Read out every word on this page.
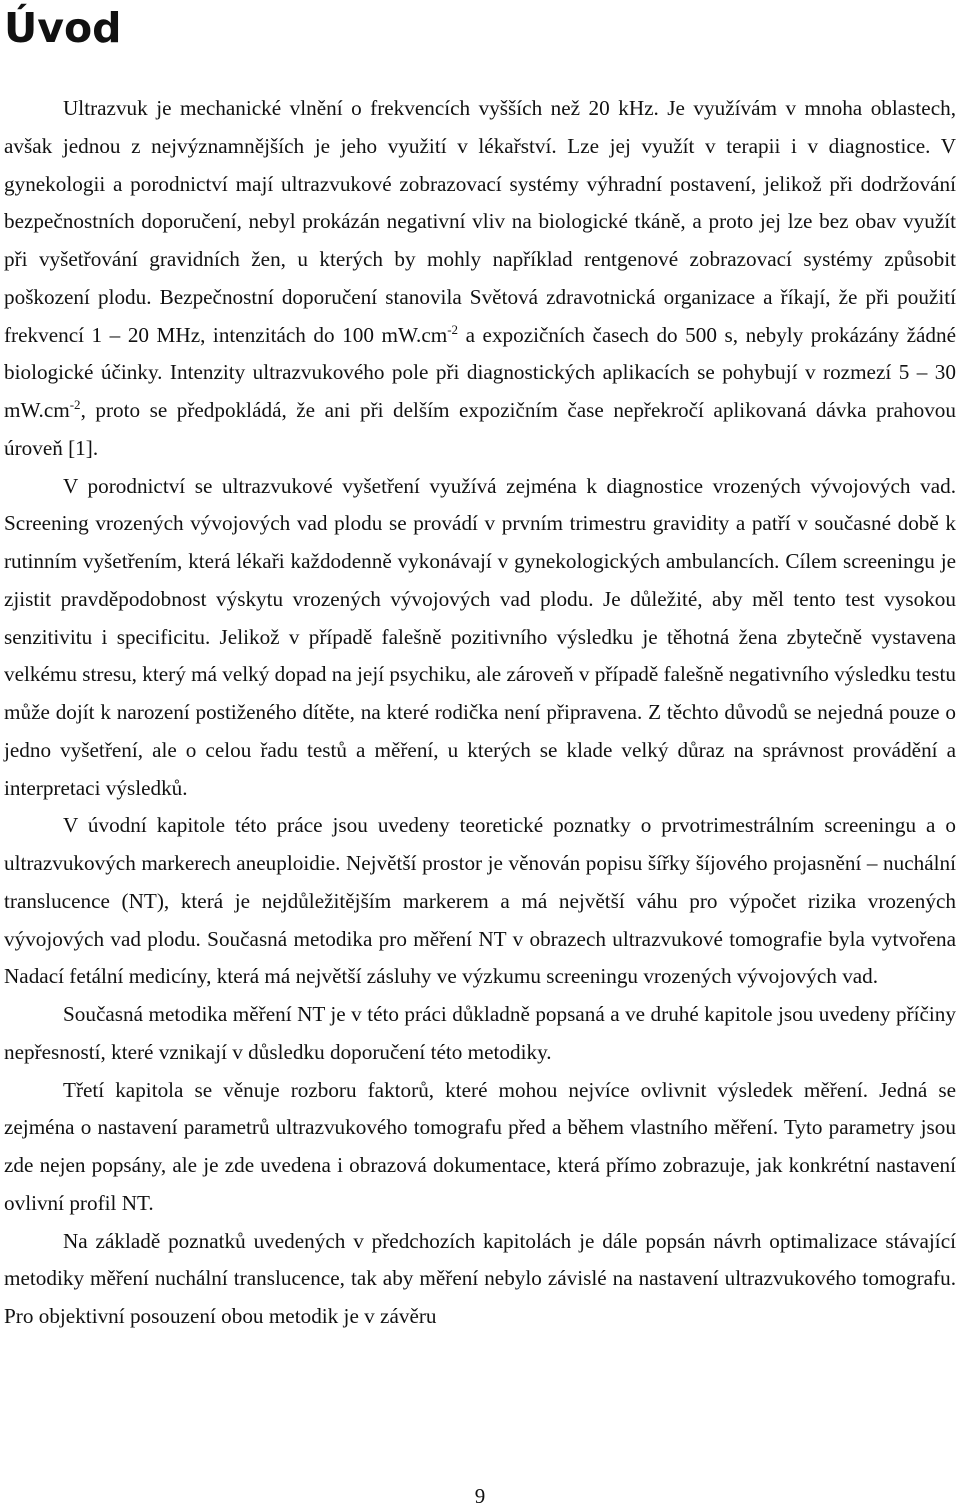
Úvod

Ultrazvuk je mechanické vlnění o frekvencích vyšších než 20 kHz. Je využívám v mnoha oblastech, avšak jednou z nejvýznamnějších je jeho využití v lékařství. Lze jej využít v terapii i v diagnostice. V gynekologii a porodnictví mají ultrazvukové zobrazovací systémy výhradní postavení, jelikož při dodržování bezpečnostních doporučení, nebyl prokázán negativní vliv na biologické tkáně, a proto jej lze bez obav využít při vyšetřování gravidních žen, u kterých by mohly například rentgenové zobrazovací systémy způsobit poškození plodu. Bezpečnostní doporučení stanovila Světová zdravotnická organizace a říkají, že při použití frekvencí 1 – 20 MHz, intenzitách do 100 $mW.cm^{-2}$ a expozičních časech do 500 s, nebyly prokázány žádné biologické účinky. Intenzity ultrazvukového pole při diagnostických aplikacích se pohybují v rozmezí 5 – 30 $mW.cm^{-2}$, proto se předpokládá, že ani při delším expozičním čase nepřekročí aplikovaná dávka prahovou úroveň [1].

V porodnictví se ultrazvukové vyšetření využívá zejména k diagnostice vrozených vývojových vad. Screening vrozených vývojových vad plodu se provádí v prvním trimestru gravidity a patří v současné době k rutinním vyšetřením, která lékaři každodenně vykonávají v gynekologických ambulancích. Cílem screeningu je zjistit pravděpodobnost výskytu vrozených vývojových vad plodu. Je důležité, aby měl tento test vysokou senzitivitu i specificitu. Jelikož v případě falešně pozitivního výsledku je těhotná žena zbytečně vystavena velkému stresu, který má velký dopad na její psychiku, ale zároveň v případě falešně negativního výsledku testu může dojít k narození postiženého dítěte, na které rodička není připravena. Z těchto důvodů se nejedná pouze o jedno vyšetření, ale o celou řadu testů a měření, u kterých se klade velký důraz na správnost provádění a interpretaci výsledků.

V úvodní kapitole této práce jsou uvedeny teoretické poznatky o prvotrimestrálním screeningu a o ultrazvukových markerech aneuploidie. Největší prostor je věnován popisu šířky šíjového projasnění – nuchální translucence (NT), která je nejdůležitějším markerem a má největší váhu pro výpočet rizika vrozených vývojových vad plodu. Současná metodika pro měření NT v obrazech ultrazvukové tomografie byla vytvořena Nadací fetální medicíny, která má největší zásluhy ve výzkumu screeningu vrozených vývojových vad.

Současná metodika měření NT je v této práci důkladně popsaná a ve druhé kapitole jsou uvedeny příčiny nepřesností, které vznikají v důsledku doporučení této metodiky.

Třetí kapitola se věnuje rozboru faktorů, které mohou nejvíce ovlivnit výsledek měření. Jedná se zejména o nastavení parametrů ultrazvukového tomografu před a během vlastního měření. Tyto parametry jsou zde nejen popsány, ale je zde uvedena i obrazová dokumentace, která přímo zobrazuje, jak konkrétní nastavení ovlivní profil NT.

Na základě poznatků uvedených v předchozích kapitolách je dále popsán návrh optimalizace stávající metodiky měření nuchální translucence, tak aby měření nebylo závislé na nastavení ultrazvukového tomografu. Pro objektivní posouzení obou metodik je v závěru

9
